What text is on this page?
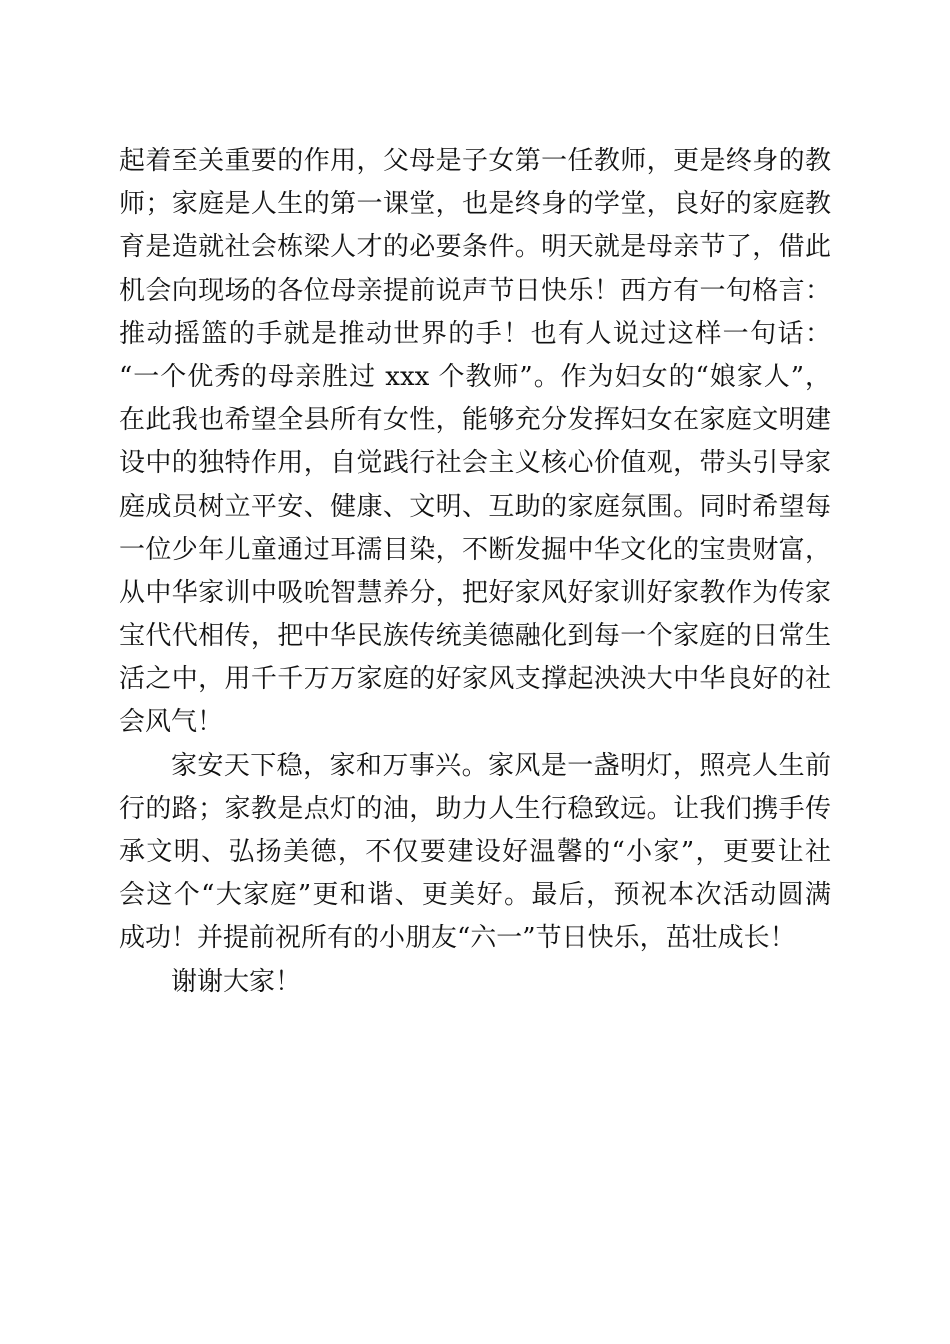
起着至关重要的作用，父母是子女第一任教师，更是终身的教
师；家庭是人生的第一课堂，也是终身的学堂，良好的家庭教
育是造就社会栋梁人才的必要条件。明天就是母亲节了，借此
机会向现场的各位母亲提前说声节日快乐！西方有一句格言：
推动摇篮的手就是推动世界的手！也有人说过这样一句话：
“一个优秀的母亲胜过 xxx 个教师”。作为妇女的“娘家人”，
在此我也希望全县所有女性，能够充分发挥妇女在家庭文明建
设中的独特作用，自觉践行社会主义核心价值观，带头引导家
庭成员树立平安、健康、文明、互助的家庭氛围。同时希望每
一位少年儿童通过耳濡目染，不断发掘中华文化的宝贵财富，
从中华家训中吸吮智慧养分，把好家风好家训好家教作为传家
宝代代相传，把中华民族传统美德融化到每一个家庭的日常生
活之中，用千千万万家庭的好家风支撑起泱泱大中华良好的社
会风气！
家安天下稳，家和万事兴。家风是一盏明灯，照亮人生前
行的路；家教是点灯的油，助力人生行稳致远。让我们携手传
承文明、弘扬美德，不仅要建设好温馨的“小家”，更要让社
会这个“大家庭”更和谐、更美好。最后，预祝本次活动圆满
成功！并提前祝所有的小朋友“六一”节日快乐，茁壮成长！
谢谢大家！
